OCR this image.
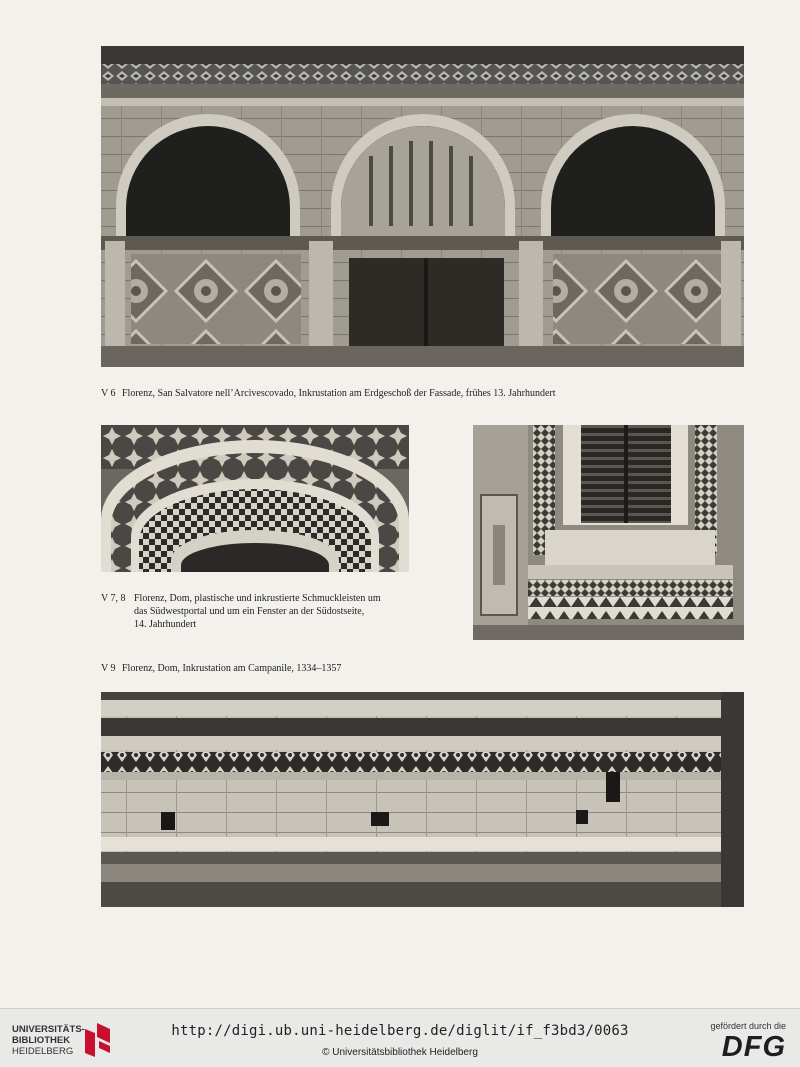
V 6 Florenz, San Salvatore nell’Arcivescovado, Inkrustation am Erdgeschoß der Fassade, frühes 13. Jahrhundert
V 7, 8 Florenz, Dom, plastische und inkrustierte Schmuckleisten um
das Südwestportal und um ein Fenster an der Südostseite,
14. Jahrhundert
V 9 Florenz, Dom, Inkrustation am Campanile, 1334–1357
UNIVERSITÄTS-
BIBLIOTHEK
HEIDELBERG
http://digi.ub.uni-heidelberg.de/diglit/if_f3bd3/0063
© Universitätsbibliothek Heidelberg
gefördert durch die
DFG
